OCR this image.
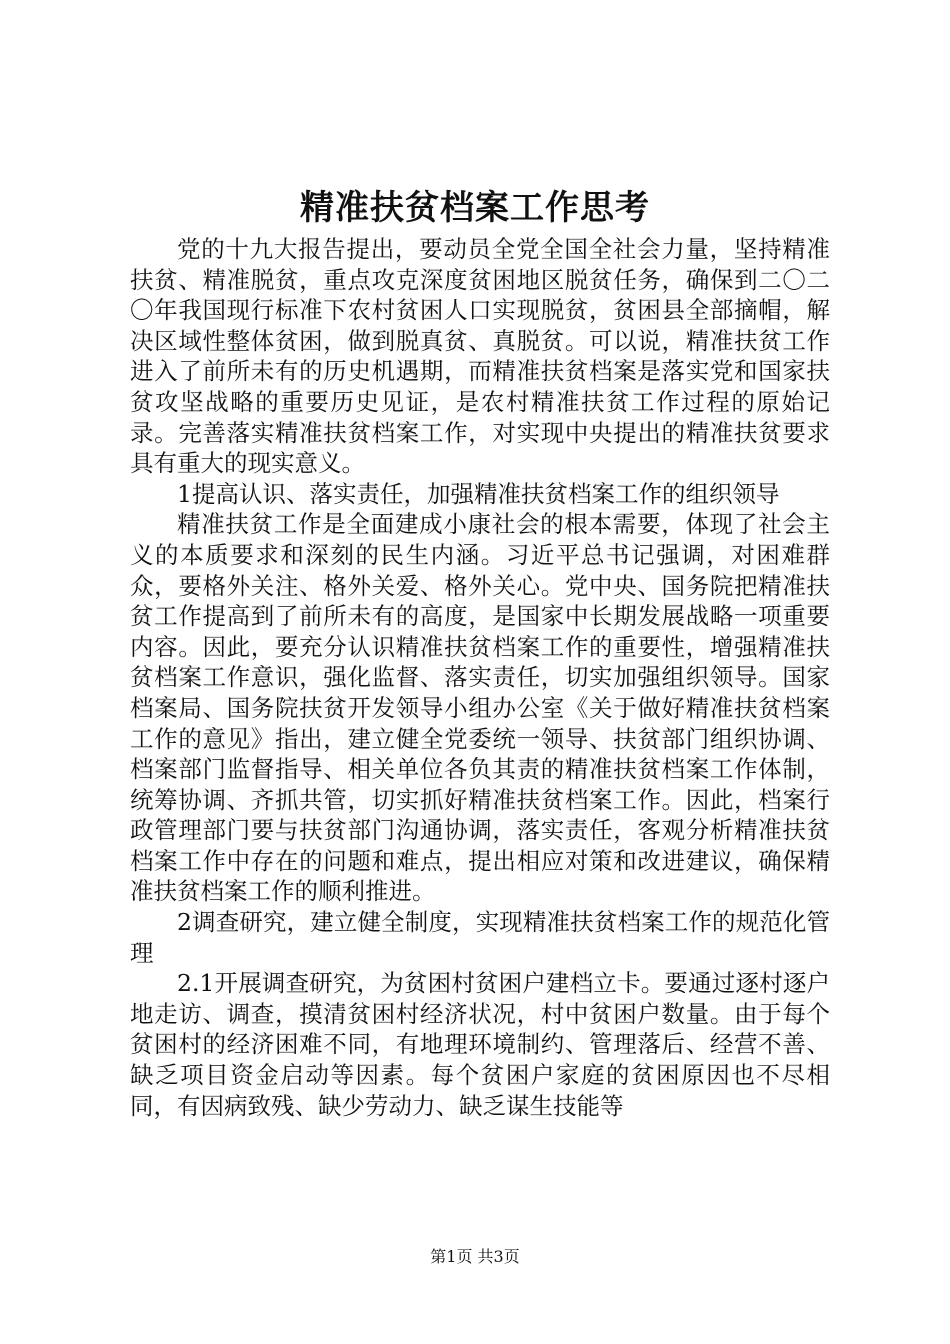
精准扶贫档案工作思考

党的十九大报告提出，要动员全党全国全社会力量，坚持精准扶贫、精准脱贫，重点攻克深度贫困地区脱贫任务，确保到二〇二〇年我国现行标准下农村贫困人口实现脱贫，贫困县全部摘帽，解决区域性整体贫困，做到脱真贫、真脱贫。可以说，精准扶贫工作进入了前所未有的历史机遇期，而精准扶贫档案是落实党和国家扶贫攻坚战略的重要历史见证，是农村精准扶贫工作过程的原始记录。完善落实精准扶贫档案工作，对实现中央提出的精准扶贫要求具有重大的现实意义。

1提高认识、落实责任，加强精准扶贫档案工作的组织领导

精准扶贫工作是全面建成小康社会的根本需要，体现了社会主义的本质要求和深刻的民生内涵。习近平总书记强调，对困难群众，要格外关注、格外关爱、格外关心。党中央、国务院把精准扶贫工作提高到了前所未有的高度，是国家中长期发展战略一项重要内容。因此，要充分认识精准扶贫档案工作的重要性，增强精准扶贫档案工作意识，强化监督、落实责任，切实加强组织领导。国家档案局、国务院扶贫开发领导小组办公室《关于做好精准扶贫档案工作的意见》指出，建立健全党委统一领导、扶贫部门组织协调、档案部门监督指导、相关单位各负其责的精准扶贫档案工作体制，统筹协调、齐抓共管，切实抓好精准扶贫档案工作。因此，档案行政管理部门要与扶贫部门沟通协调，落实责任，客观分析精准扶贫档案工作中存在的问题和难点，提出相应对策和改进建议，确保精准扶贫档案工作的顺利推进。

2调查研究，建立健全制度，实现精准扶贫档案工作的规范化管理

2.1开展调查研究，为贫困村贫困户建档立卡。要通过逐村逐户地走访、调查，摸清贫困村经济状况，村中贫困户数量。由于每个贫困村的经济困难不同，有地理环境制约、管理落后、经营不善、缺乏项目资金启动等因素。每个贫困户家庭的贫困原因也不尽相同，有因病致残、缺少劳动力、缺乏谋生技能等

第1页 共3页
